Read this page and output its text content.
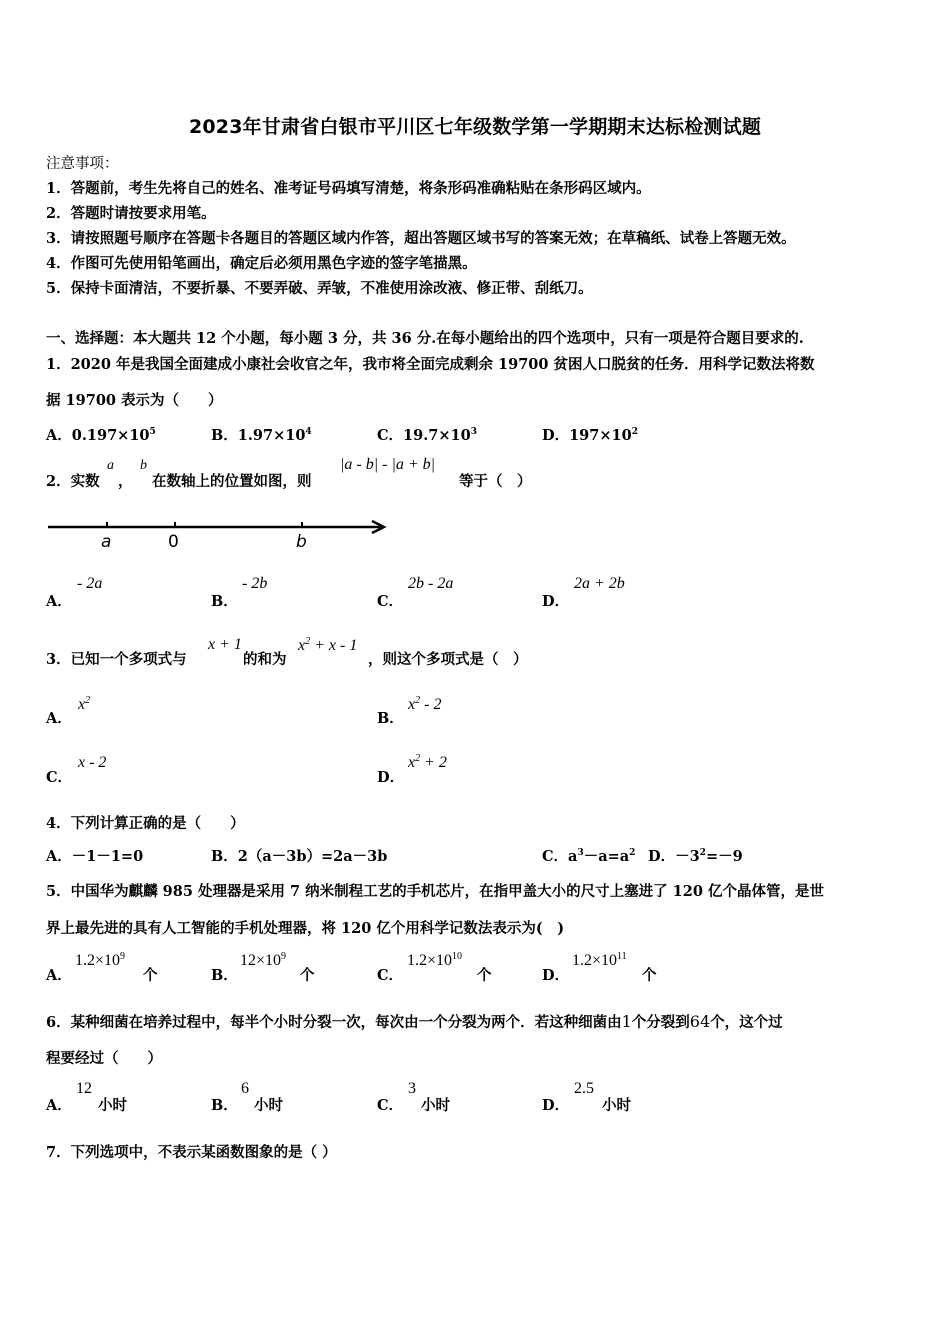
2023年甘肃省白银市平川区七年级数学第一学期期末达标检测试题
注意事项：
1．答题前，考生先将自己的姓名、准考证号码填写清楚，将条形码准确粘贴在条形码区域内。
2．答题时请按要求用笔。
3．请按照题号顺序在答题卡各题目的答题区域内作答，超出答题区域书写的答案无效；在草稿纸、试卷上答题无效。
4．作图可先使用铅笔画出，确定后必须用黑色字迹的签字笔描黑。
5．保持卡面清洁，不要折暴、不要弄破、弄皱，不准使用涂改液、修正带、刮纸刀。
一、选择题：本大题共 12 个小题，每小题 3 分，共 36 分.在每小题给出的四个选项中，只有一项是符合题目要求的.
1．2020 年是我国全面建成小康社会收官之年，我市将全面完成剩余 19700 贫困人口脱贫的任务．用科学记数法将数
据 19700 表示为（　　）
A．$0.197\times 10^5$	B．$1.97\times 10^4$	C．$19.7\times 10^3$	D．$197\times 10^2$
2．实数
a
，
b
在数轴上的位置如图，则
|a - b| - |a + b|
等于（　）
a	0	b
A．
- 2a
B．
- 2b
C．
2b - 2a
D．
2a + 2b
3．已知一个多项式与
x + 1
的和为
$x^2 + x - 1$
，则这个多项式是（　）
A．
$x^2$
B．
$x^2 - 2$
C．
x - 2
D．
$x^2 + 2$
4．下列计算正确的是（　　）
A．－1－1=0	B．2（a－3b）=2a－3b	C．$a^3-a=a^2$ D．$-3^2=-9$
5．中国华为麒麟 985 处理器是采用 7 纳米制程工艺的手机芯片，在指甲盖大小的尺寸上塞进了 120 亿个晶体管，是世
界上最先进的具有人工智能的手机处理器，将 120 亿个用科学记数法表示为(　)
A．
$1.2\times 10^9$
个	B．
$12\times 10^9$
个	C．
$1.2\times 10^{10}$
个	D．
$1.2\times 10^{11}$
个
6．某种细菌在培养过程中，每半个小时分裂一次，每次由一个分裂为两个．若这种细菌由1个分裂到64个，这个过
程要经过（　　）
A．
12
小时	B．
6
小时	C．
3
小时	D．
2.5
小时
7．下列选项中，不表示某函数图象的是（ ）
